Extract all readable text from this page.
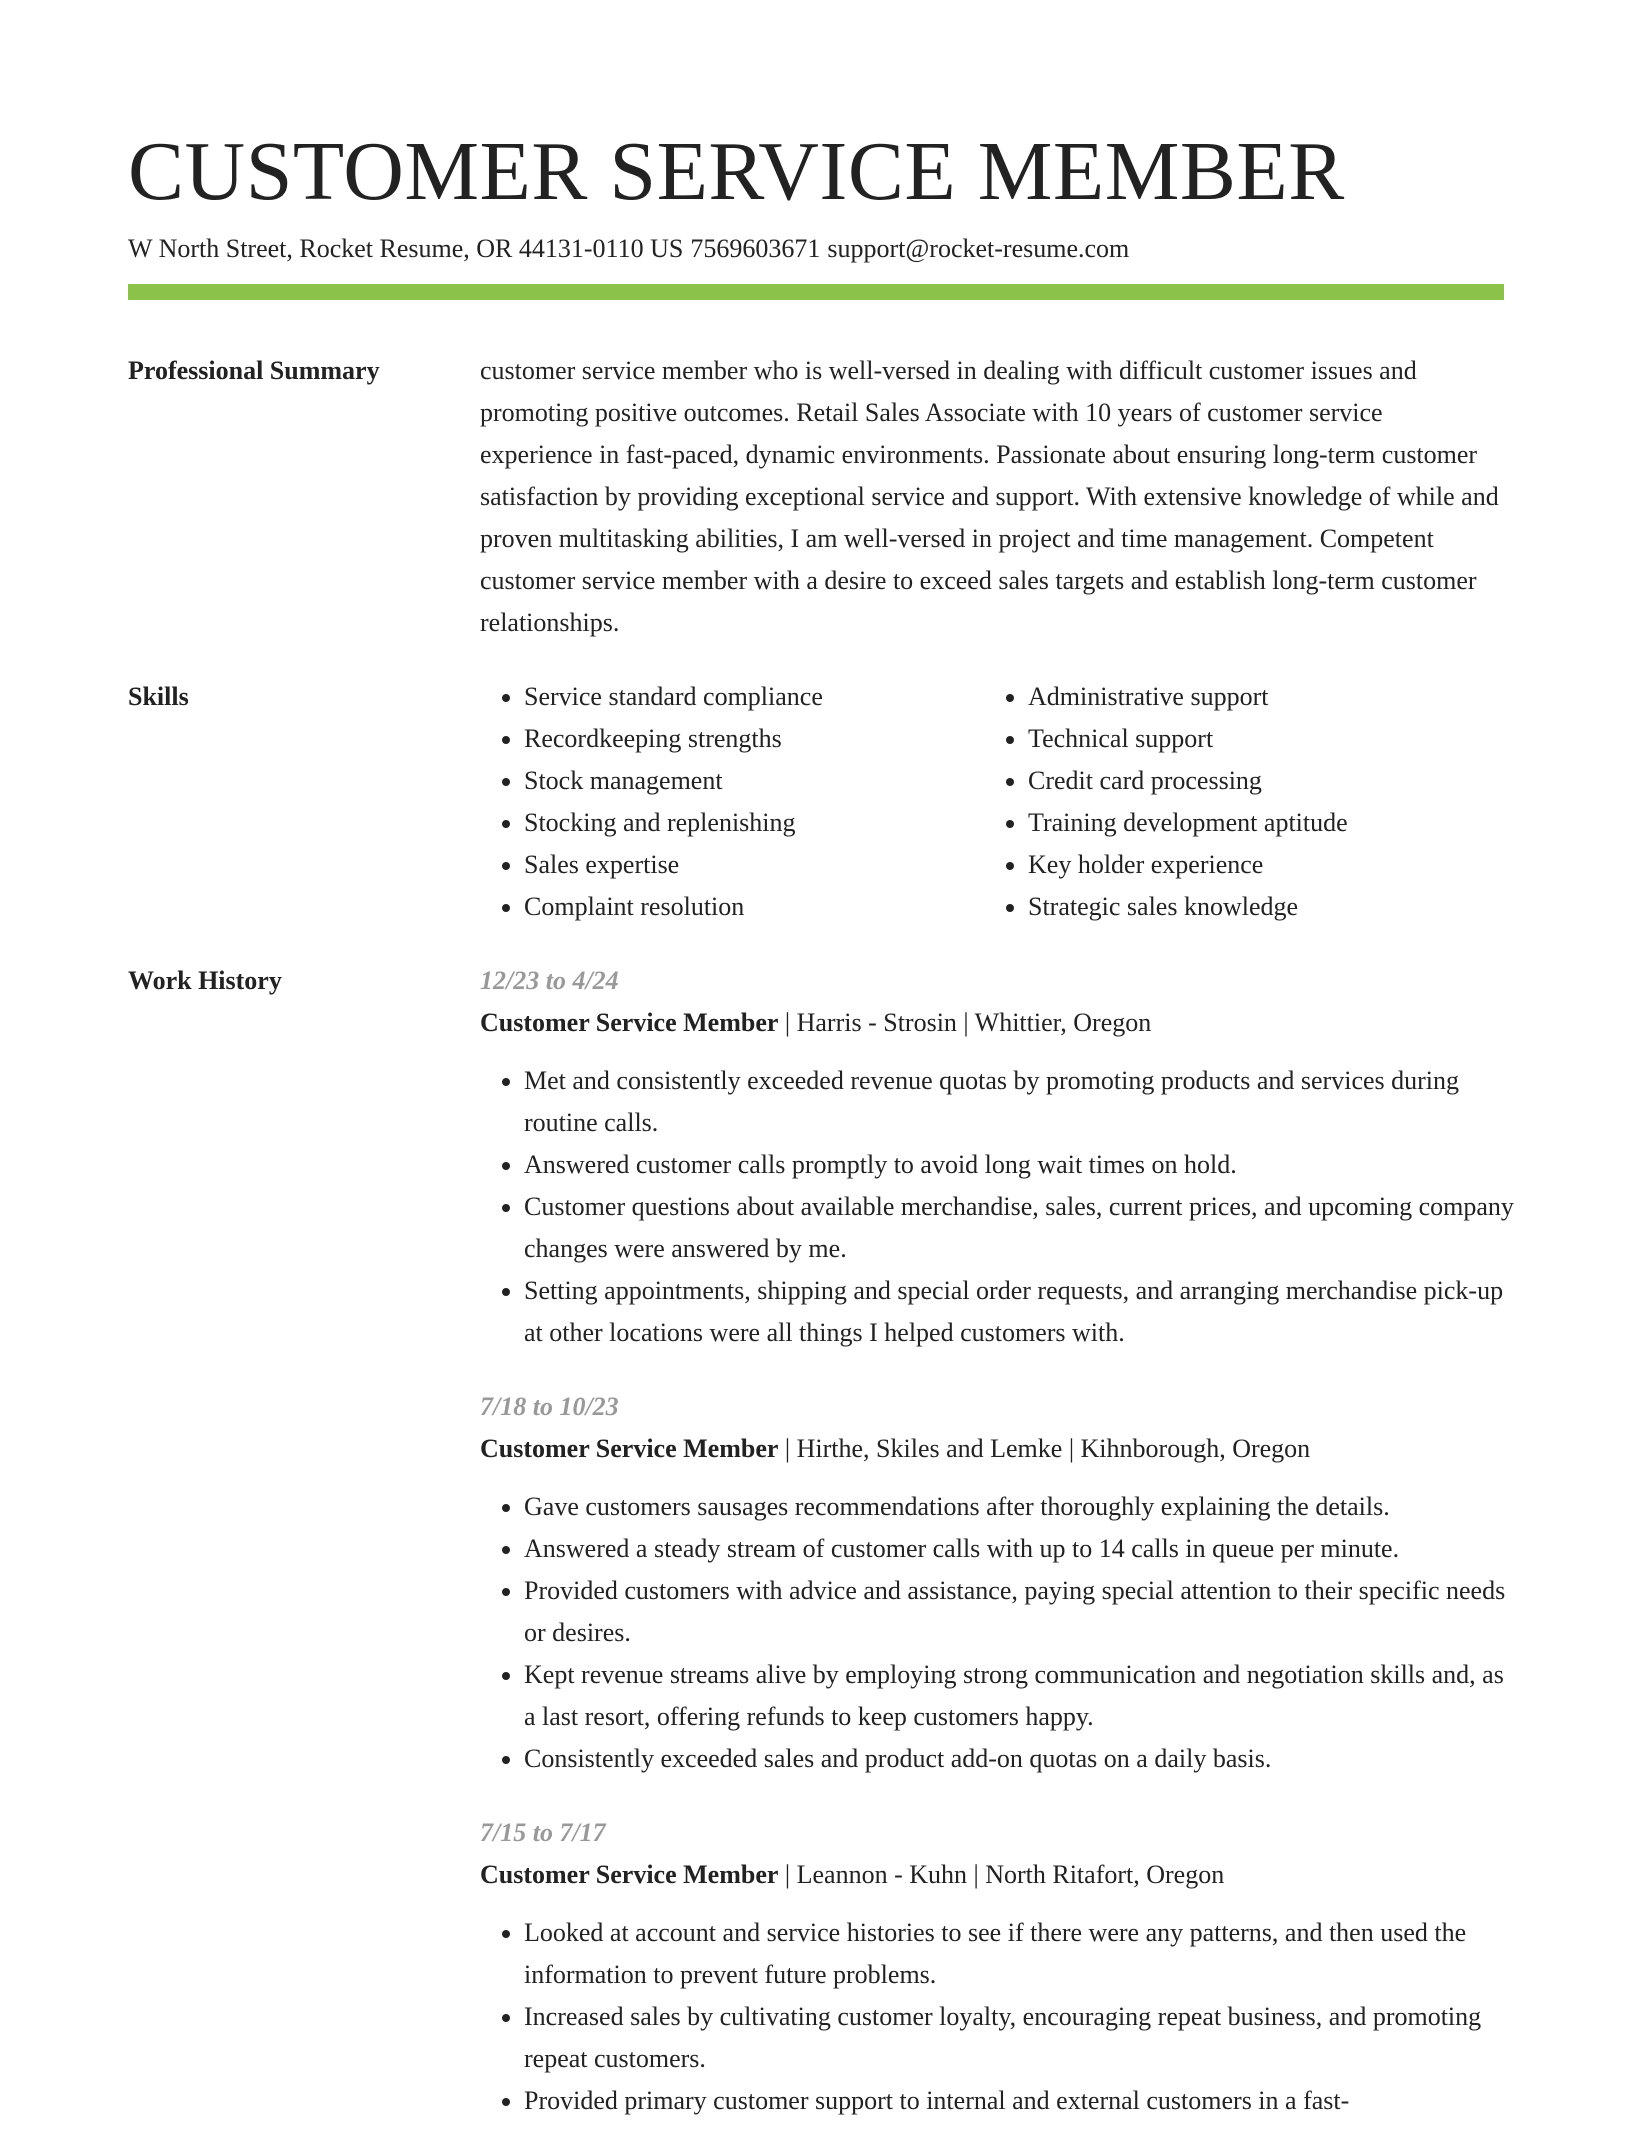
CUSTOMER SERVICE MEMBER
W North Street, Rocket Resume, OR 44131-0110 US 7569603671 support@rocket-resume.com
Professional Summary	customer service member who is well-versed in dealing with difficult customer issues and promoting positive outcomes. Retail Sales Associate with 10 years of customer service experience in fast-paced, dynamic environments. Passionate about ensuring long-term customer satisfaction by providing exceptional service and support. With extensive knowledge of while and proven multitasking abilities, I am well-versed in project and time management. Competent customer service member with a desire to exceed sales targets and establish long-term customer relationships.

Skills
•	Service standard compliance
• Recordkeeping strengths
• Stock management
• Stocking and replenishing
• Sales expertise
• Complaint resolution
• Administrative support
• Technical support
• Credit card processing
• Training development aptitude
• Key holder experience
• Strategic sales knowledge
Work History	12/23 to 4/24

Customer Service Member | Harris - Strosin | Whittier, Oregon

• Met and consistently exceeded revenue quotas by promoting products and services during routine calls.
• Answered customer calls promptly to avoid long wait times on hold.
• Customer questions about available merchandise, sales, current prices, and upcoming company changes were answered by me.
• Setting appointments, shipping and special order requests, and arranging merchandise pick-up at other locations were all things I helped customers with.

7/18 to 10/23

Customer Service Member | Hirthe, Skiles and Lemke | Kihnborough, Oregon

• Gave customers sausages recommendations after thoroughly explaining the details.
• Answered a steady stream of customer calls with up to 14 calls in queue per minute.
• Provided customers with advice and assistance, paying special attention to their specific needs or desires.
• Kept revenue streams alive by employing strong communication and negotiation skills and, as a last resort, offering refunds to keep customers happy.
• Consistently exceeded sales and product add-on quotas on a daily basis.

7/15 to 7/17

Customer Service Member | Leannon - Kuhn | North Ritafort, Oregon

• Looked at account and service histories to see if there were any patterns, and then used the information to prevent future problems.
• Increased sales by cultivating customer loyalty, encouraging repeat business, and promoting repeat customers.
• Provided primary customer support to internal and external customers in a fast-
